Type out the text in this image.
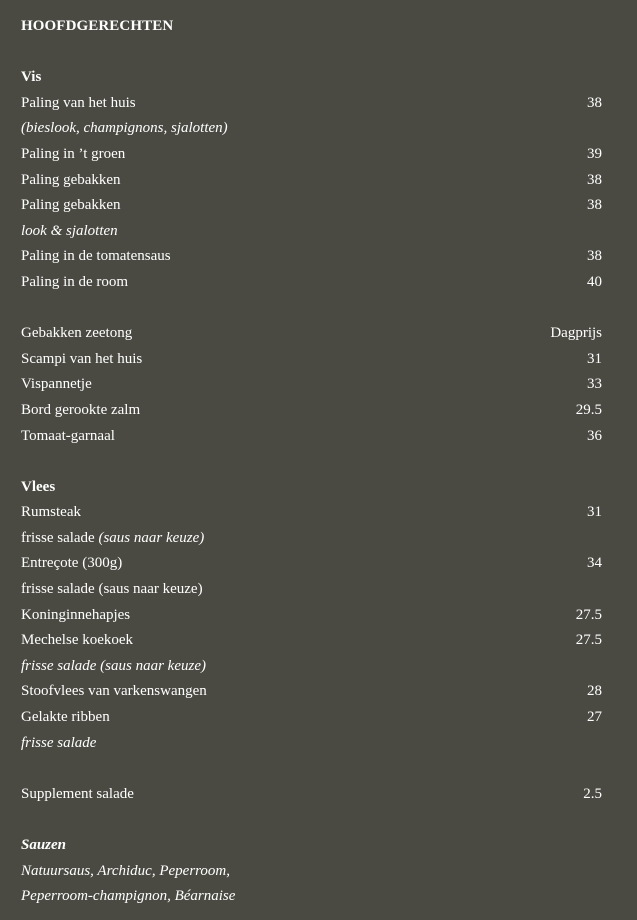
HOOFDGERECHTEN
Vis
Paling van het huis	38
(bieslook, champignons, sjalotten)
Paling in ’t groen	39
Paling gebakken	38
Paling gebakken	38
look & sjalotten
Paling in de tomatensaus	38
Paling in de room	40
Gebakken zeetong	Dagprijs
Scampi van het huis	31
Vispannetje	33
Bord gerookte zalm	29.5
Tomaat-garnaal	36
Vlees
Rumsteak	31
frisse salade (saus naar keuze)
Entreçote (300g)	34
frisse salade (saus naar keuze)
Koninginnehapjes	27.5
Mechelse koekoek	27.5
frisse salade (saus naar keuze)
Stoofvlees van varkenswangen	28
Gelakte ribben	27
frisse salade
Supplement salade	2.5
Sauzen
Natuursaus, Archiduc, Peperroom,
Peperroom-champignon, Béarnaise
